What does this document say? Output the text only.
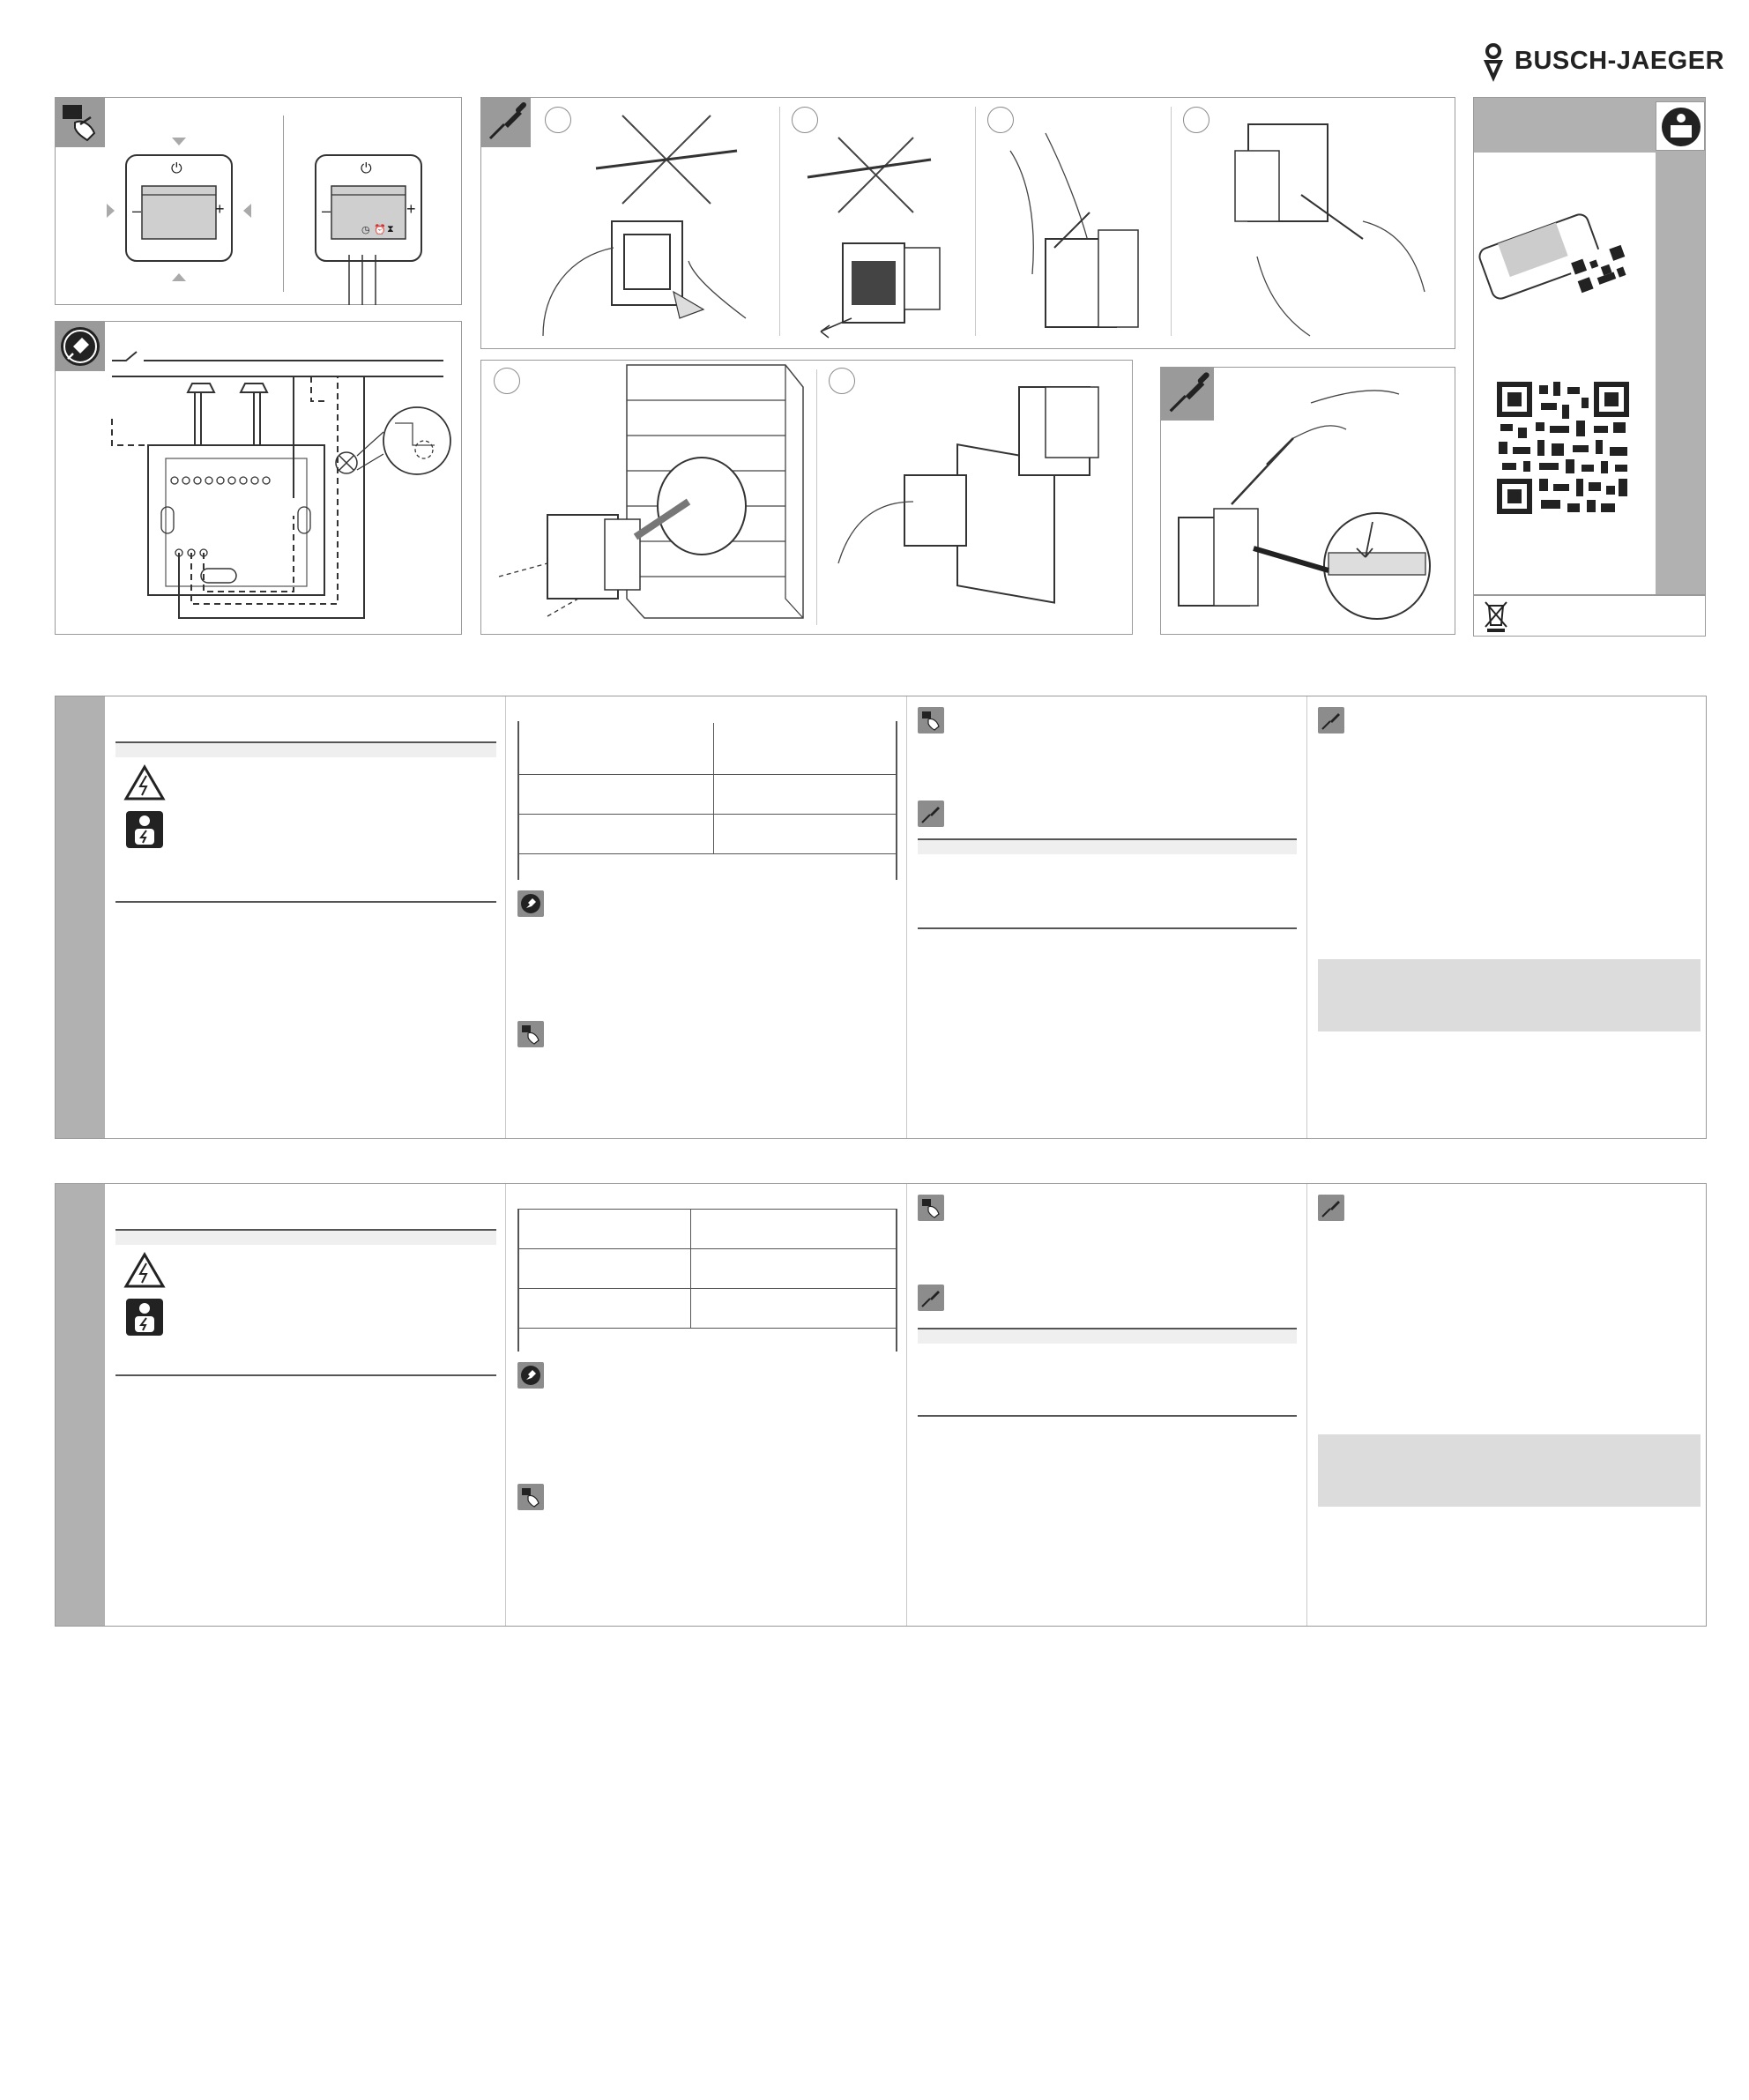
BUSCH-JAEGER
⏻
–	+
⏻
–	+
◷ ⏰ ⧗
